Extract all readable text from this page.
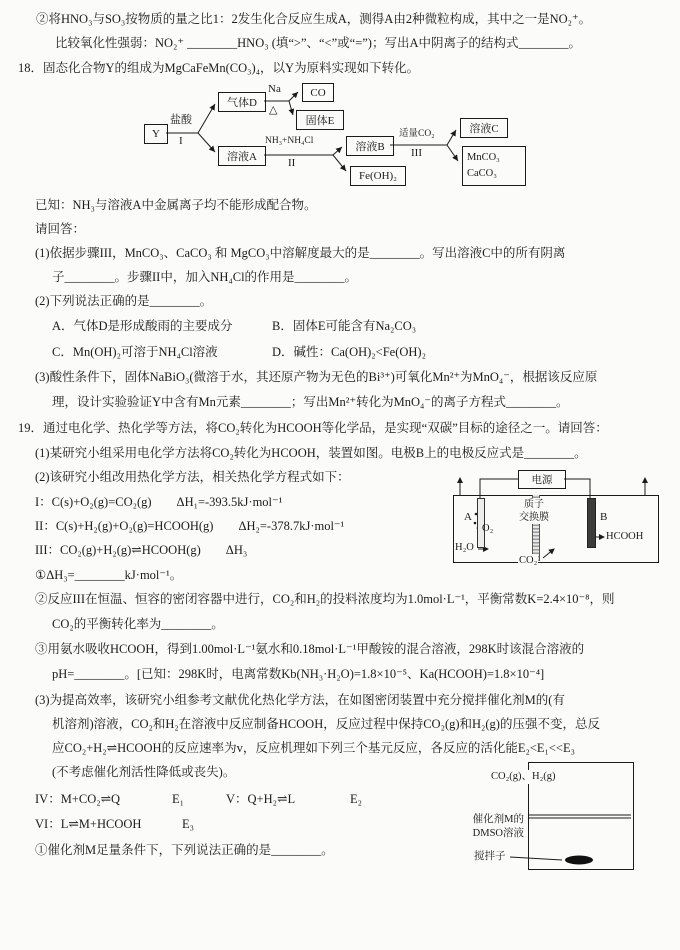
②将HNO₃与SO₃按物质的量之比1：2发生化合反应生成A，测得A由2种微粒构成，其中之一是NO₂⁺。
比较氧化性强弱：NO₂⁺ ________HNO₃ (填“>”、“<”或“=”)；写出A中阴离子的结构式________。
18．固态化合物Y的组成为MgCaFeMn(CO₃)₄，以Y为原料实现如下转化。
Y
盐酸
I
气体D
Na
△
CO
固体E
溶液A
NH₃+NH₄Cl
II
溶液B
Fe(OH)₂
适量CO₂
III
溶液C
MnCO₃
CaCO₃
已知：NH₃与溶液A中金属离子均不能形成配合物。
请回答：
(1)依据步骤III，MnCO₃、CaCO₃ 和 MgCO₃中溶解度最大的是________。写出溶液C中的所有阴离
子________。步骤II中，加入NH₄Cl的作用是________。
(2)下列说法正确的是________。
A．气体D是形成酸雨的主要成分	B．固体E可能含有Na₂CO₃
C．Mn(OH)₂可溶于NH₄Cl溶液	D．碱性：Ca(OH)₂<Fe(OH)₂
(3)酸性条件下，固体NaBiO₃(微溶于水，其还原产物为无色的Bi³⁺)可氧化Mn²⁺为MnO₄⁻，根据该反应原
理，设计实验验证Y中含有Mn元素________；写出Mn²⁺转化为MnO₄⁻的离子方程式________。
19．通过电化学、热化学等方法，将CO₂转化为HCOOH等化学品，是实现“双碳”目标的途径之一。请回答：
(1)某研究小组采用电化学方法将CO₂转化为HCOOH，装置如图。电极B上的电极反应式是________。
(2)该研究小组改用热化学方法，相关热化学方程式如下：
I：C(s)+O₂(g)=CO₂(g)　　ΔH₁=-393.5kJ·mol⁻¹
II：C(s)+H₂(g)+O₂(g)=HCOOH(g)　　ΔH₂=-378.7kJ·mol⁻¹
III：CO₂(g)+H₂(g)⇌HCOOH(g)　　ΔH₃
①ΔH₃=________kJ·mol⁻¹。
②反应III在恒温、恒容的密闭容器中进行，CO₂和H₂的投料浓度均为1.0mol·L⁻¹，平衡常数K=2.4×10⁻⁸，则
CO₂的平衡转化率为________。
③用氨水吸收HCOOH，得到1.00mol·L⁻¹氨水和0.18mol·L⁻¹甲酸铵的混合溶液，298K时该混合溶液的
pH=________。[已知：298K时，电离常数Kb(NH₃·H₂O)=1.8×10⁻⁵、Ka(HCOOH)=1.8×10⁻⁴]
(3)为提高效率，该研究小组参考文献优化热化学方法，在如图密闭装置中充分搅拌催化剂M的(有
机溶剂)溶液，CO₂和H₂在溶液中反应制备HCOOH，反应过程中保持CO₂(g)和H₂(g)的压强不变，总反
应CO₂+H₂⇌HCOOH的反应速率为v，反应机理如下列三个基元反应，各反应的活化能E₂<E₁<<E₃
(不考虑催化剂活性降低或丧失)。
IV：M+CO₂⇌Q	E₁	V：Q+H₂⇌L	E₂
VI：L⇌M+HCOOH	E₃
①催化剂M足量条件下，下列说法正确的是________。
电源
质子
交换膜
A	B
O₂
H₂O
HCOOH
CO₂
CO₂(g)、H₂(g)
催化剂M的
DMSO溶液
搅拌子
